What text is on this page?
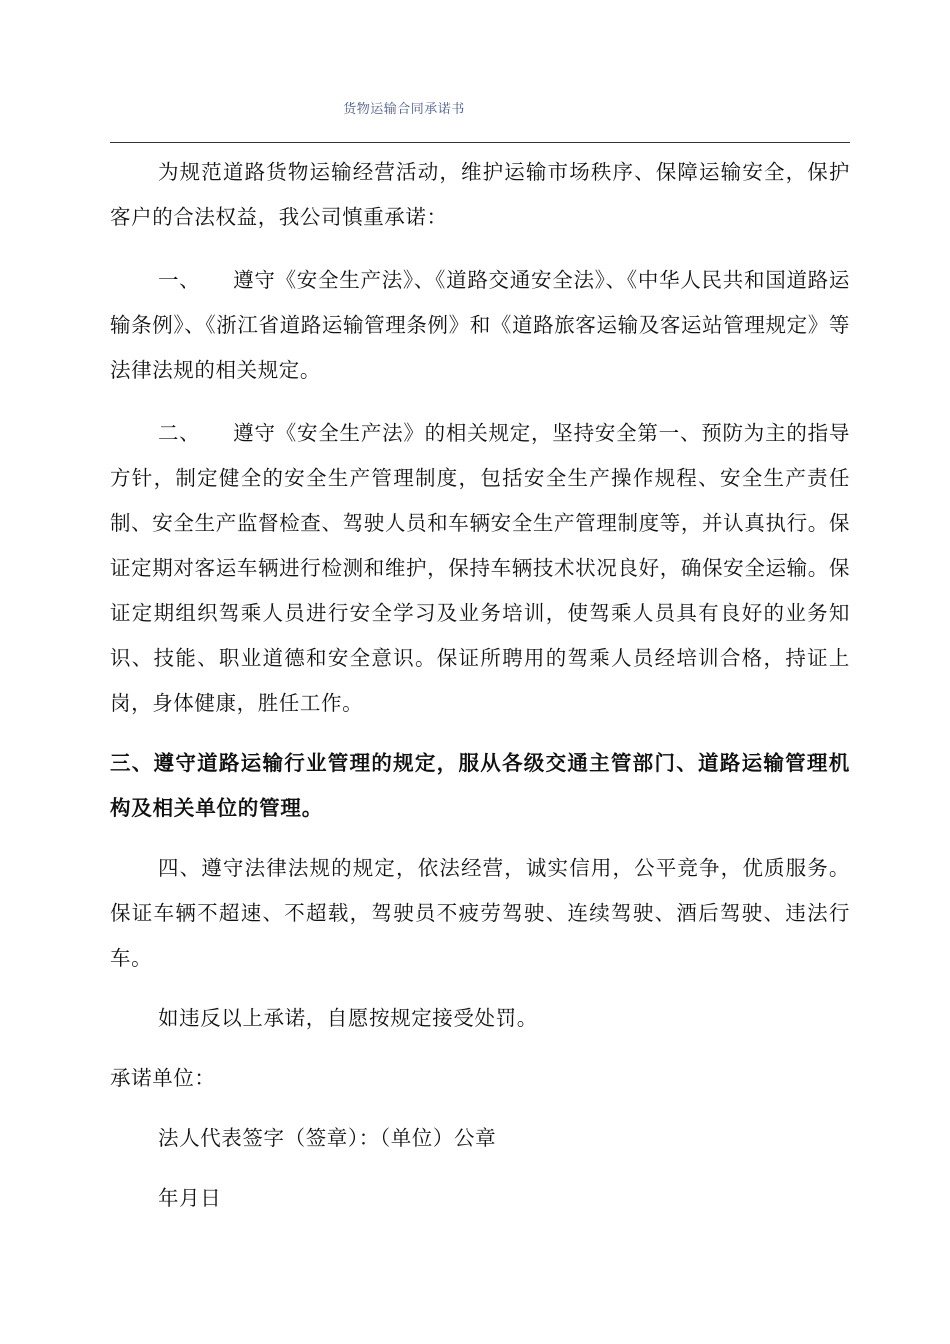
货物运输合同承诺书

为规范道路货物运输经营活动，维护运输市场秩序、保障运输安全，保护客户的合法权益，我公司慎重承诺：

一、 遵守《安全生产法》、《道路交通安全法》、《中华人民共和国道路运输条例》、《浙江省道路运输管理条例》和《道路旅客运输及客运站管理规定》等法律法规的相关规定。

二、 遵守《安全生产法》的相关规定，坚持安全第一、预防为主的指导方针，制定健全的安全生产管理制度，包括安全生产操作规程、安全生产责任制、安全生产监督检查、驾驶人员和车辆安全生产管理制度等，并认真执行。保证定期对客运车辆进行检测和维护，保持车辆技术状况良好，确保安全运输。保证定期组织驾乘人员进行安全学习及业务培训，使驾乘人员具有良好的业务知识、技能、职业道德和安全意识。保证所聘用的驾乘人员经培训合格，持证上岗，身体健康，胜任工作。

三、遵守道路运输行业管理的规定，服从各级交通主管部门、道路运输管理机构及相关单位的管理。

四、遵守法律法规的规定，依法经营，诚实信用，公平竞争，优质服务。保证车辆不超速、不超载，驾驶员不疲劳驾驶、连续驾驶、酒后驾驶、违法行车。

如违反以上承诺，自愿按规定接受处罚。

承诺单位：

法人代表签字（签章）：（单位）公章

年月日
